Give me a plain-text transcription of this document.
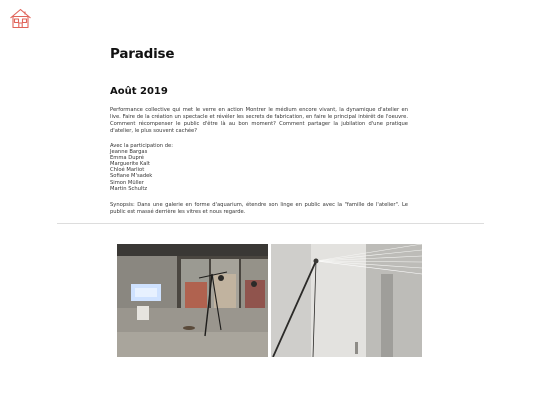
Paradise
Août 2019

Performance collective qui met le verre en action Montrer le médium encore vivant, la dynamique d'atelier en live. Faire de la création un spectacle et révéler les secrets de fabrication, en faire le principal intérêt de l'oeuvre. Comment récompenser le public d'être là au bon moment? Comment partager la jubilation d'une pratique d'atelier, le plus souvent cachée?

Avec la participation de:
Jeanne Bargas
Emma Dupré
Marguerite Kalt
Chloé Marliot
Sofiane M'sadek
Simon Müller
Martin Schultz

Synopsis: Dans une galerie en forme d'aquarium, étendre son linge en public avec la "famille de l'atelier". Le public est massé derrière les vitres et nous regarde.
